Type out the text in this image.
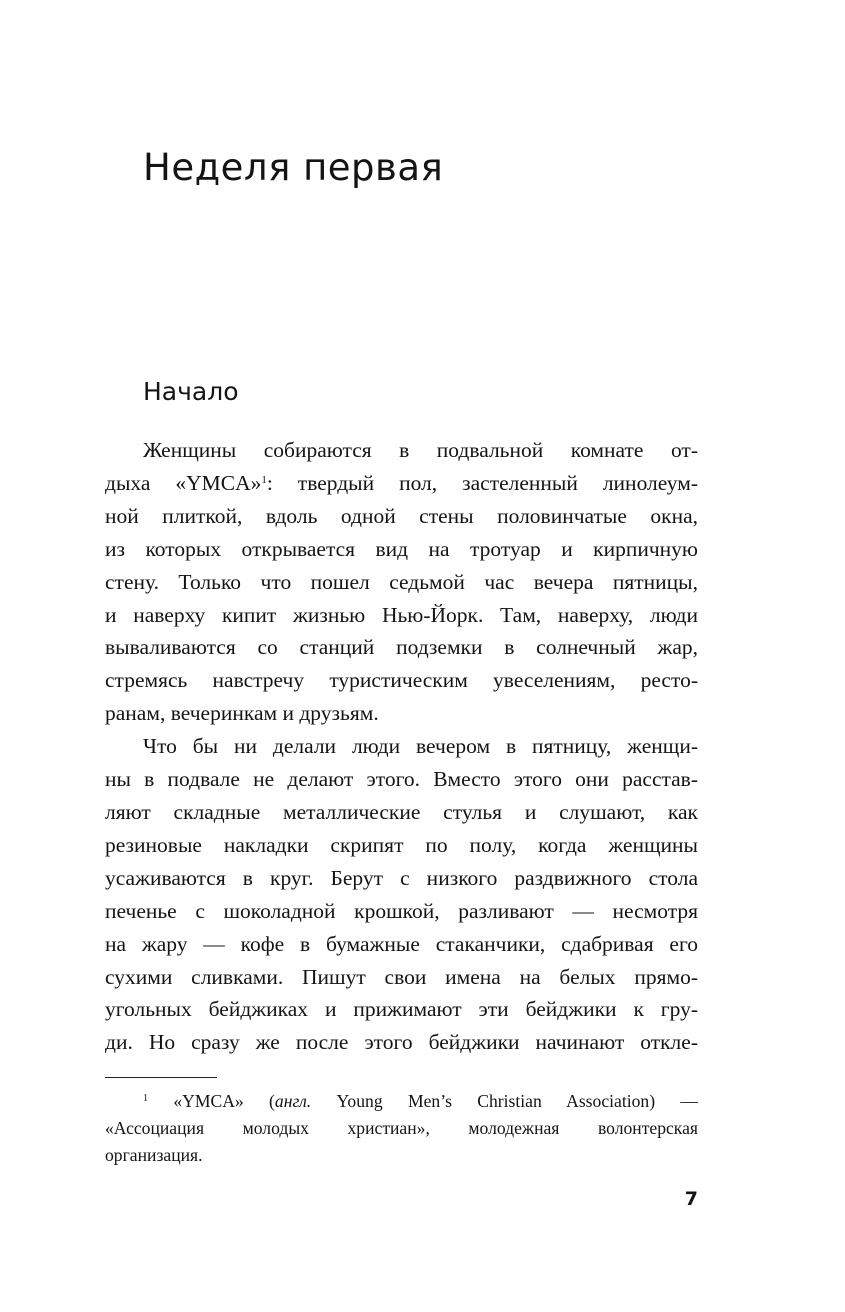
Неделя первая
Начало
Женщины собираются в подвальной комнате от-
дыха «YMCA»$^1$: твердый пол, застеленный линолеум-
ной плиткой, вдоль одной стены половинчатые окна,
из которых открывается вид на тротуар и кирпичную
стену. Только что пошел седьмой час вечера пятницы,
и наверху кипит жизнью Нью-Йорк. Там, наверху, люди
вываливаются со станций подземки в солнечный жар,
стремясь навстречу туристическим увеселениям, ресто-
ранам, вечеринкам и друзьям.
Что бы ни делали люди вечером в пятницу, женщи-
ны в подвале не делают этого. Вместо этого они расстав-
ляют складные металлические стулья и слушают, как
резиновые накладки скрипят по полу, когда женщины
усаживаются в круг. Берут с низкого раздвижного стола
печенье с шоколадной крошкой, разливают — несмотря
на жару — кофе в бумажные стаканчики, сдабривая его
сухими сливками. Пишут свои имена на белых прямо-
угольных бейджиках и прижимают эти бейджики к гру-
ди. Но сразу же после этого бейджики начинают откле-
$^1$ «YMCA» (англ. Young Men’s Christian Association) —
«Ассоциация молодых христиан», молодежная волонтерская
организация.
7
